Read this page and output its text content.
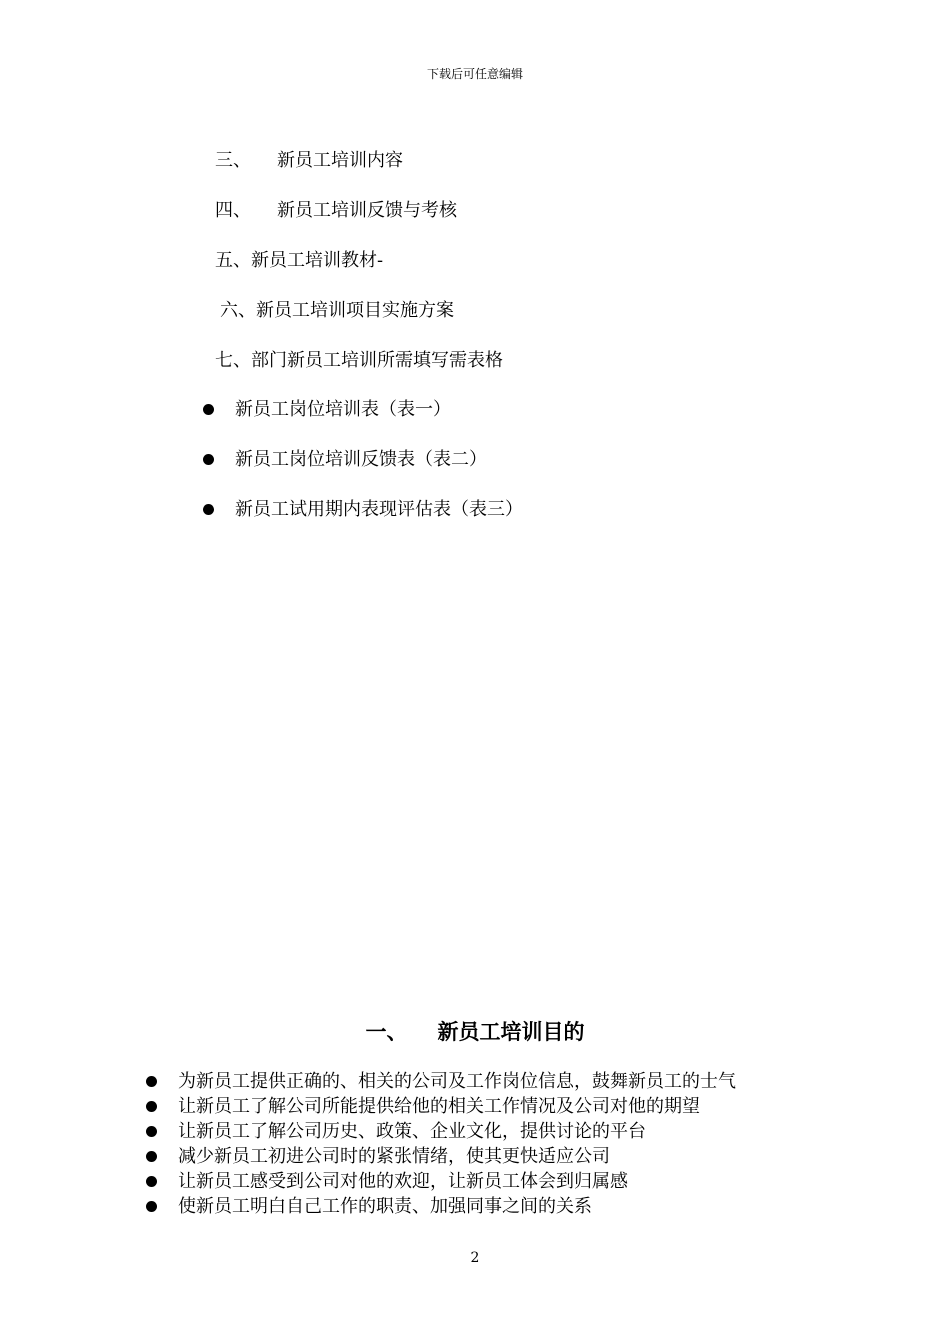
下载后可任意编辑
三、 新员工培训内容
四、 新员工培训反馈与考核
五、新员工培训教材-
六、新员工培训项目实施方案
七、部门新员工培训所需填写需表格
新员工岗位培训表（表一）
新员工岗位培训反馈表（表二）
新员工试用期内表现评估表（表三）
一、 新员工培训目的
为新员工提供正确的、相关的公司及工作岗位信息，鼓舞新员工的士气
让新员工了解公司所能提供给他的相关工作情况及公司对他的期望
让新员工了解公司历史、政策、企业文化，提供讨论的平台
减少新员工初进公司时的紧张情绪，使其更快适应公司
让新员工感受到公司对他的欢迎，让新员工体会到归属感
使新员工明白自己工作的职责、加强同事之间的关系
2
